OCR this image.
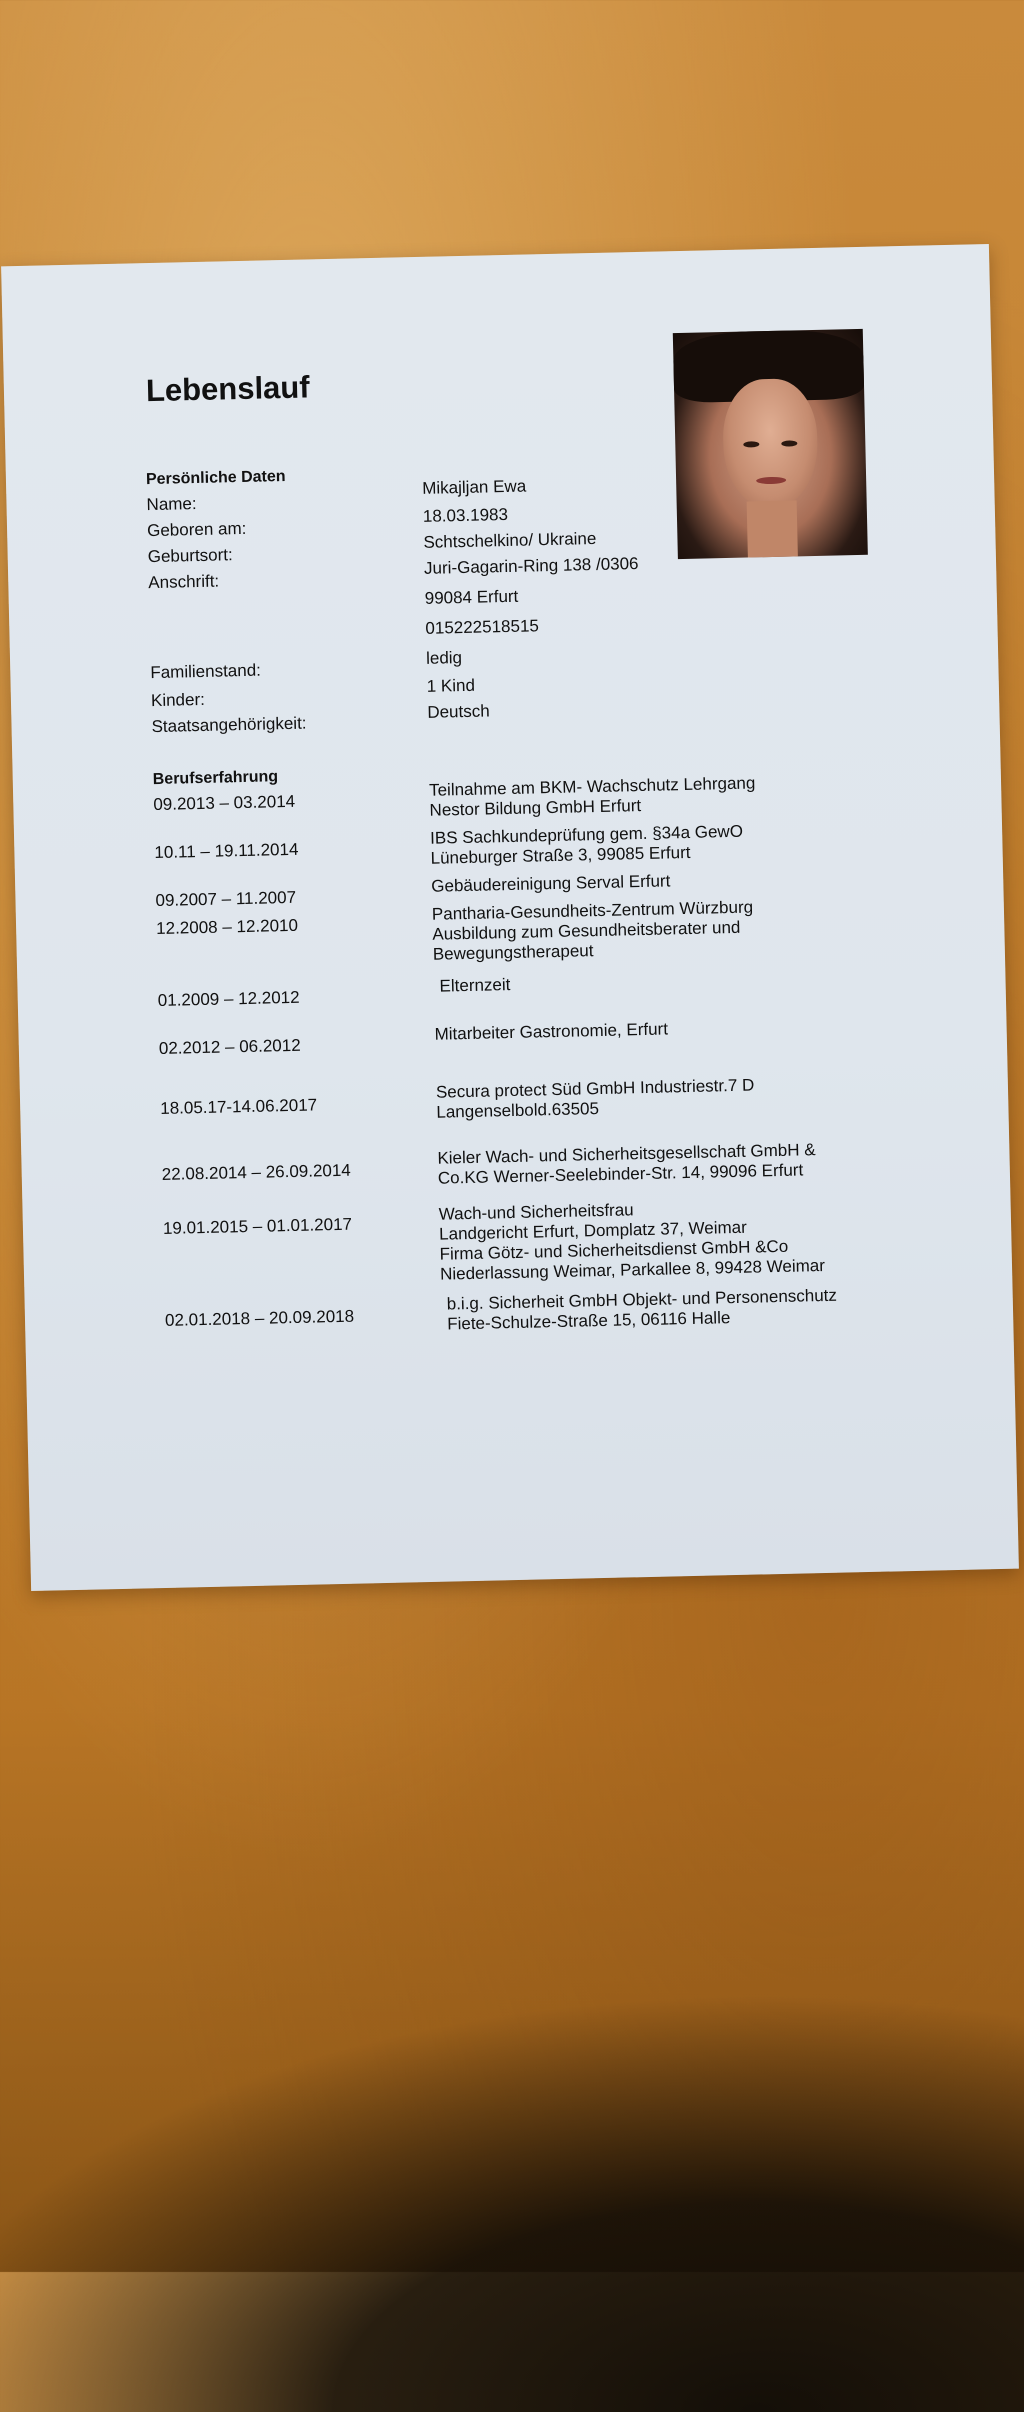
Lebenslauf
Persönliche Daten
Name:
Mikajljan Ewa
Geboren am:
18.03.1983
Geburtsort:
Schtschelkino/ Ukraine
Anschrift:
Juri-Gagarin-Ring 138 /0306
99084 Erfurt
015222518515
Familienstand:
ledig
Kinder:
1 Kind
Staatsangehörigkeit:
Deutsch
Berufserfahrung
09.2013 – 03.2014
Teilnahme am BKM- Wachschutz Lehrgang
Nestor Bildung GmbH Erfurt
10.11 – 19.11.2014
IBS Sachkundeprüfung gem. §34a GewO
Lüneburger Straße 3, 99085 Erfurt
09.2007 – 11.2007
Gebäudereinigung Serval Erfurt
12.2008 – 12.2010
Pantharia-Gesundheits-Zentrum Würzburg
Ausbildung zum Gesundheitsberater und
Bewegungstherapeut
01.2009 – 12.2012
Elternzeit
02.2012 – 06.2012
Mitarbeiter Gastronomie, Erfurt
18.05.17-14.06.2017
Secura protect Süd GmbH Industriestr.7 D
Langenselbold.63505
22.08.2014 – 26.09.2014
Kieler Wach- und Sicherheitsgesellschaft GmbH &
Co.KG Werner-Seelebinder-Str. 14, 99096 Erfurt
19.01.2015 – 01.01.2017
Wach-und Sicherheitsfrau
Landgericht Erfurt, Domplatz 37, Weimar
Firma Götz- und Sicherheitsdienst GmbH &Co
Niederlassung Weimar, Parkallee 8, 99428 Weimar
02.01.2018 – 20.09.2018
b.i.g. Sicherheit GmbH Objekt- und Personenschutz
Fiete-Schulze-Straße 15, 06116 Halle
